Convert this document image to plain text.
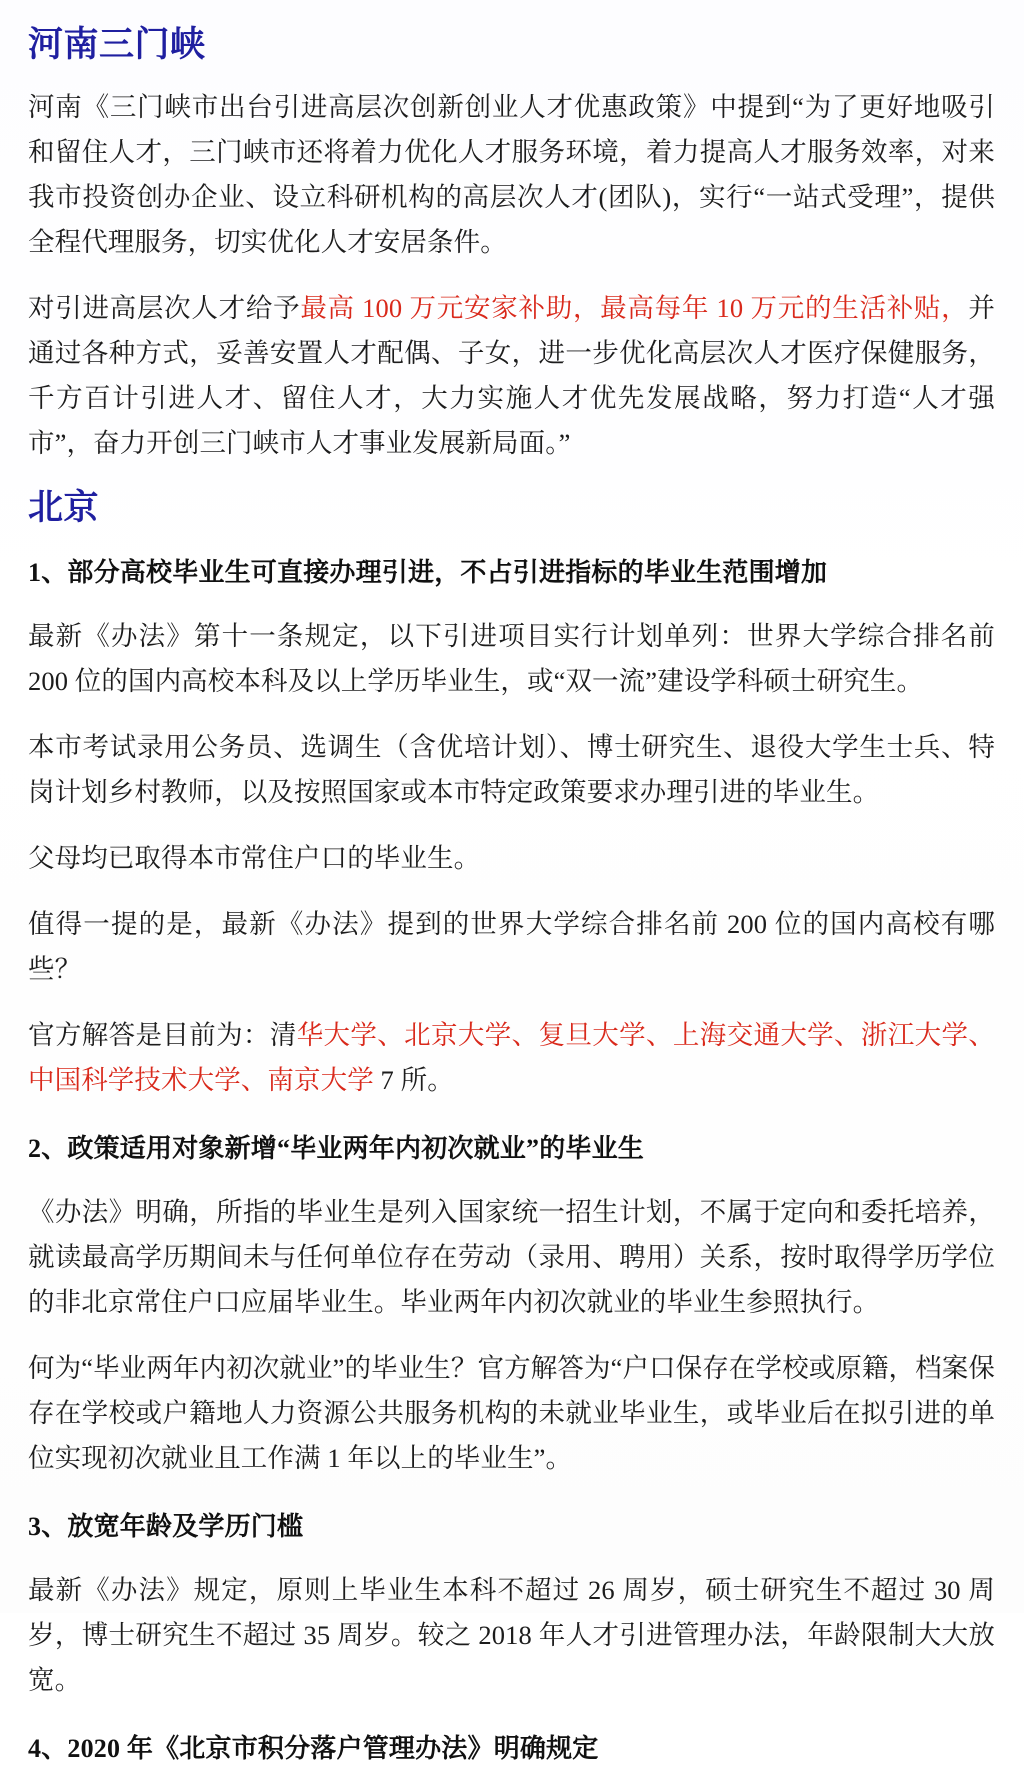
河南三门峡

河南《三门峡市出台引进高层次创新创业人才优惠政策》中提到“为了更好地吸引和留住人才，三门峡市还将着力优化人才服务环境，着力提高人才服务效率，对来我市投资创办企业、设立科研机构的高层次人才(团队)，实行“一站式受理”，提供全程代理服务，切实优化人才安居条件。

对引进高层次人才给予最高 100 万元安家补助，最高每年 10 万元的生活补贴，并通过各种方式，妥善安置人才配偶、子女，进一步优化高层次人才医疗保健服务，千方百计引进人才、留住人才，大力实施人才优先发展战略，努力打造“人才强市”，奋力开创三门峡市人才事业发展新局面。”

北京
1、部分高校毕业生可直接办理引进，不占引进指标的毕业生范围增加

最新《办法》第十一条规定，以下引进项目实行计划单列：世界大学综合排名前 200 位的国内高校本科及以上学历毕业生，或“双一流”建设学科硕士研究生。

本市考试录用公务员、选调生（含优培计划）、博士研究生、退役大学生士兵、特岗计划乡村教师，以及按照国家或本市特定政策要求办理引进的毕业生。

父母均已取得本市常住户口的毕业生。

值得一提的是，最新《办法》提到的世界大学综合排名前 200 位的国内高校有哪些？

官方解答是目前为：清华大学、北京大学、复旦大学、上海交通大学、浙江大学、中国科学技术大学、南京大学 7 所。

2、政策适用对象新增“毕业两年内初次就业”的毕业生

《办法》明确，所指的毕业生是列入国家统一招生计划，不属于定向和委托培养，就读最高学历期间未与任何单位存在劳动（录用、聘用）关系，按时取得学历学位的非北京常住户口应届毕业生。毕业两年内初次就业的毕业生参照执行。

何为“毕业两年内初次就业”的毕业生？官方解答为“户口保存在学校或原籍，档案保存在学校或户籍地人力资源公共服务机构的未就业毕业生，或毕业后在拟引进的单位实现初次就业且工作满 1 年以上的毕业生”。

3、放宽年龄及学历门槛

最新《办法》规定，原则上毕业生本科不超过 26 周岁，硕士研究生不超过 30 周岁，博士研究生不超过 35 周岁。较之 2018 年人才引进管理办法，年龄限制大大放宽。

4、2020 年《北京市积分落户管理办法》明确规定
